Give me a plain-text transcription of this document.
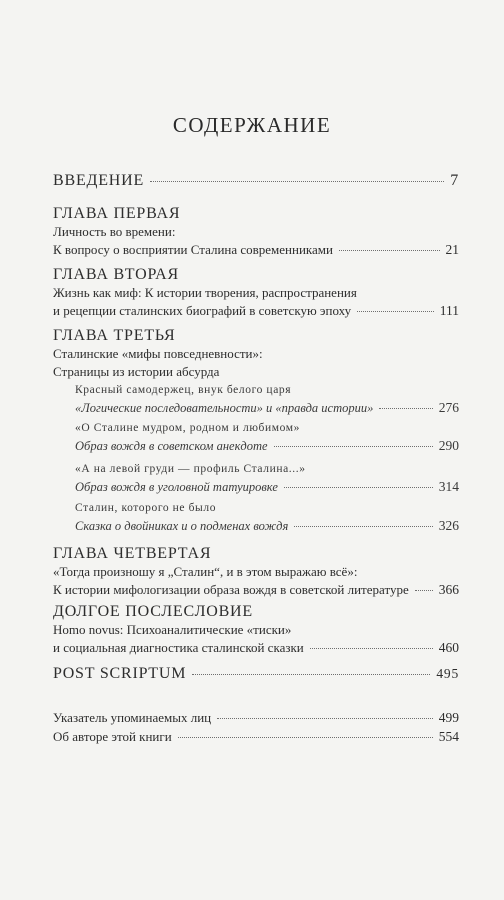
СОДЕРЖАНИЕ
ВВЕДЕНИЕ	7
ГЛАВА ПЕРВАЯ
Личность во времени:
К вопросу о восприятии Сталина современниками	21
ГЛАВА ВТОРАЯ
Жизнь как миф: К истории творения, распространения
и рецепции сталинских биографий в советскую эпоху	111
ГЛАВА ТРЕТЬЯ
Сталинские «мифы повседневности»:
Страницы из истории абсурда
Красный самодержец, внук белого царя
«Логические последовательности» и «правда истории»	276
«О Сталине мудром, родном и любимом»
Образ вождя в советском анекдоте	290
«А на левой груди — профиль Сталина...»
Образ вождя в уголовной татуировке	314
Сталин, которого не было
Сказка о двойниках и о подменах вождя	326
ГЛАВА ЧЕТВЕРТАЯ
«Тогда произношу я „Сталин“, и в этом выражаю всё»:
К истории мифологизации образа вождя в советской литературе 366
ДОЛГОЕ ПОСЛЕСЛОВИЕ
Homo novus: Психоаналитические «тиски»
и социальная диагностика сталинской сказки	460
POST SCRIPTUM	495
Указатель упоминаемых лиц	499
Об авторе этой книги	554
